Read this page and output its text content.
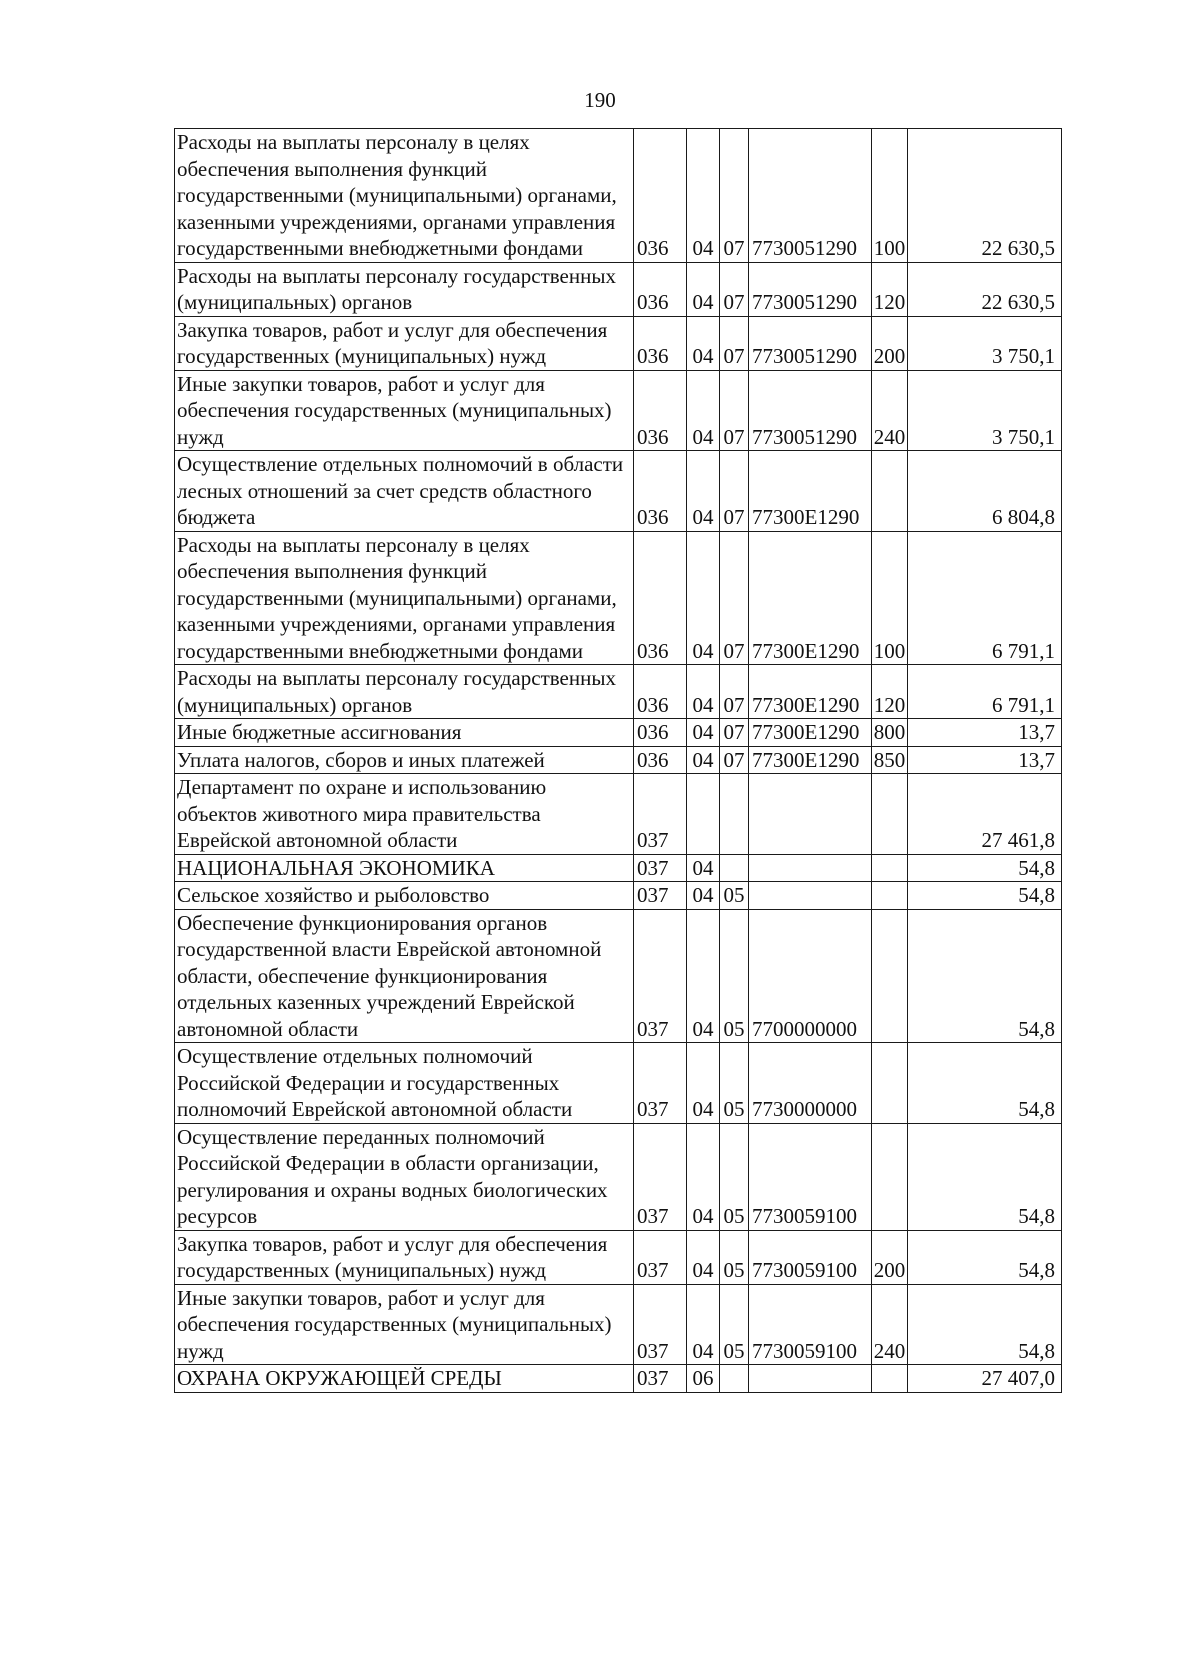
190
Расходы на выплаты персоналу в целях обеспечения выполнения функций государственными (муниципальными) органами, казенными учреждениями, органами управления государственными внебюджетными фондами	036	04	07	7730051290	100	22 630,5
Расходы на выплаты персоналу государственных (муниципальных) органов	036	04	07	7730051290	120	22 630,5
Закупка товаров, работ и услуг для обеспечения государственных (муниципальных) нужд	036	04	07	7730051290	200	3 750,1
Иные закупки товаров, работ и услуг для обеспечения государственных (муниципальных) нужд	036	04	07	7730051290	240	3 750,1
Осуществление отдельных полномочий в области лесных отношений за счет средств областного бюджета	036	04	07	77300Е1290		6 804,8
Расходы на выплаты персоналу в целях обеспечения выполнения функций государственными (муниципальными) органами, казенными учреждениями, органами управления государственными внебюджетными фондами	036	04	07	77300Е1290	100	6 791,1
Расходы на выплаты персоналу государственных (муниципальных) органов	036	04	07	77300Е1290	120	6 791,1
Иные бюджетные ассигнования	036	04	07	77300Е1290	800	13,7
Уплата налогов, сборов и иных платежей	036	04	07	77300Е1290	850	13,7
Департамент по охране и использованию объектов животного мира правительства Еврейской автономной области	037					27 461,8
НАЦИОНАЛЬНАЯ ЭКОНОМИКА	037	04				54,8
Сельское хозяйство и рыболовство	037	04	05			54,8
Обеспечение функционирования органов государственной власти Еврейской автономной области, обеспечение функционирования отдельных казенных учреждений Еврейской автономной области	037	04	05	7700000000		54,8
Осуществление отдельных полномочий Российской Федерации и государственных полномочий Еврейской автономной области	037	04	05	7730000000		54,8
Осуществление переданных полномочий Российской Федерации в области организации, регулирования и охраны водных биологических ресурсов	037	04	05	7730059100		54,8
Закупка товаров, работ и услуг для обеспечения государственных (муниципальных) нужд	037	04	05	7730059100	200	54,8
Иные закупки товаров, работ и услуг для обеспечения государственных (муниципальных) нужд	037	04	05	7730059100	240	54,8
ОХРАНА ОКРУЖАЮЩЕЙ СРЕДЫ	037	06				27 407,0
